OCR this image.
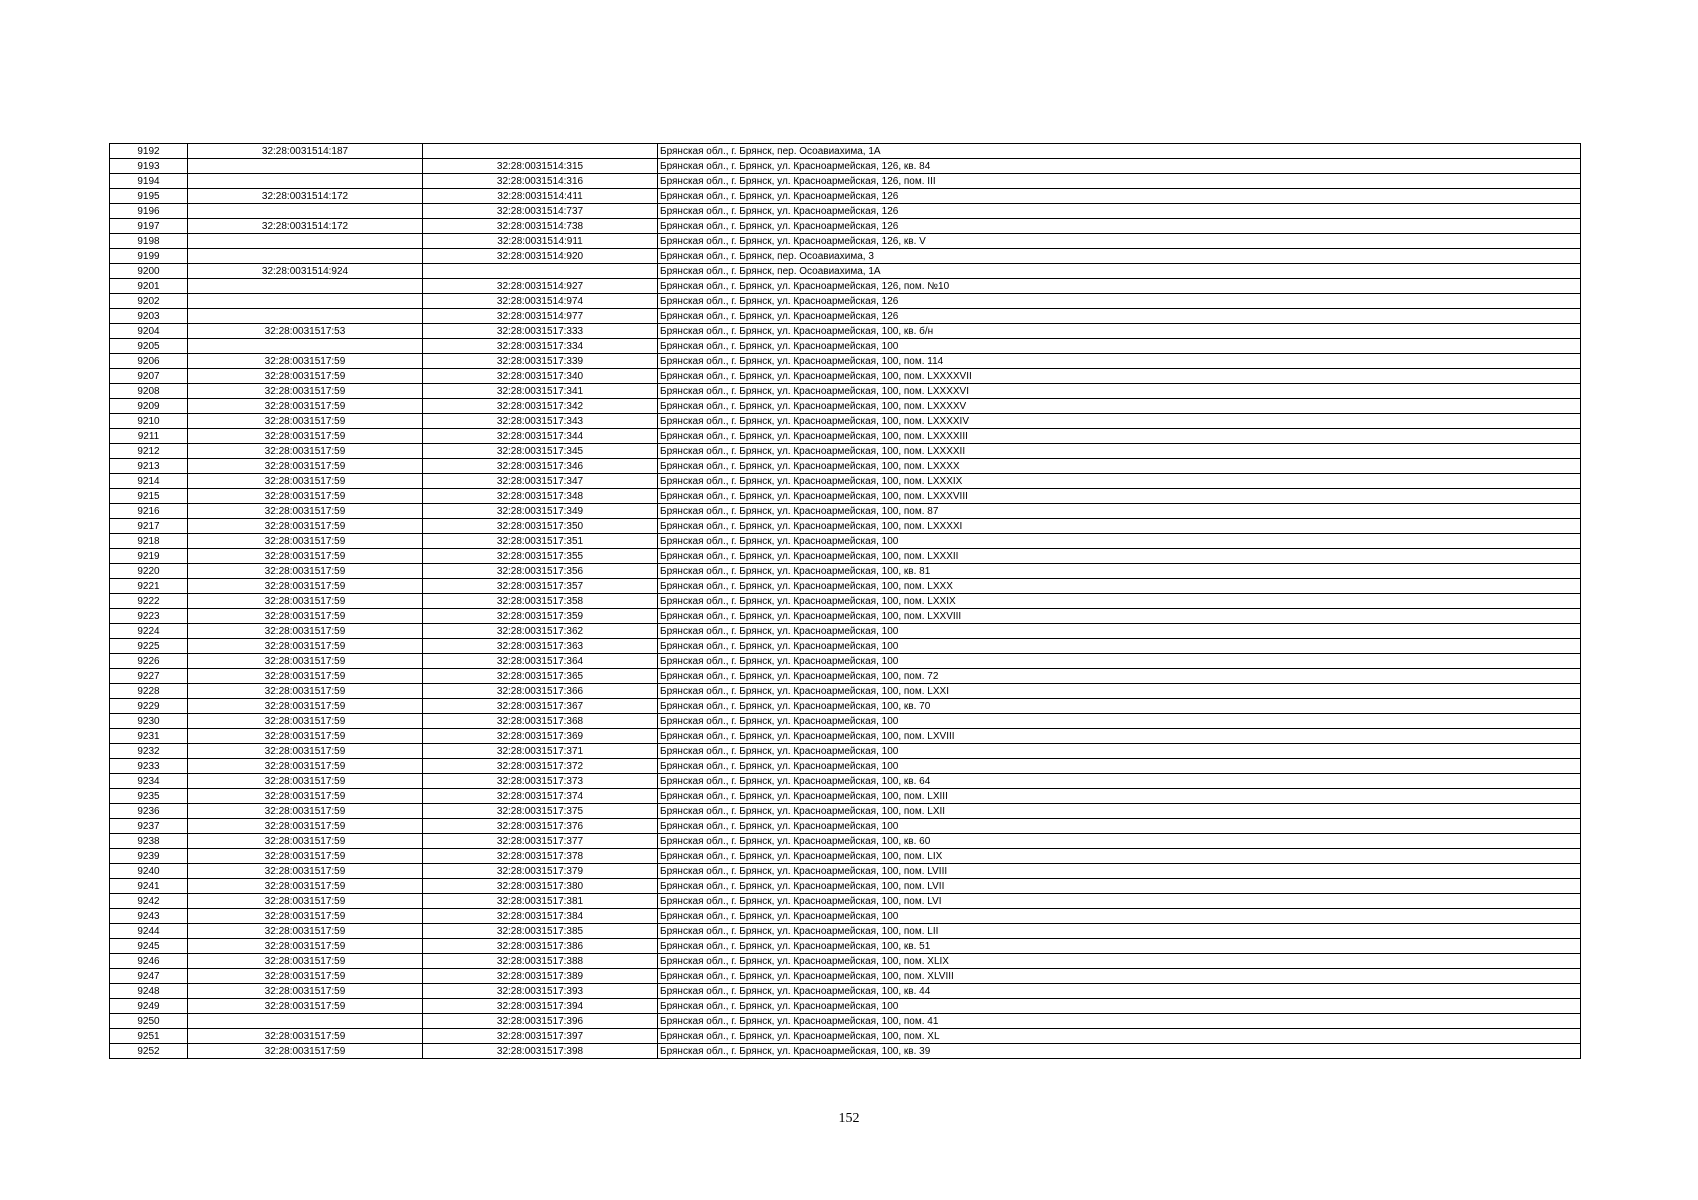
9192	32:28:0031514:187		Брянская обл., г. Брянск, пер. Осоавиахима, 1А
9193		32:28:0031514:315	Брянская обл., г. Брянск, ул. Красноармейская, 126, кв. 84
9194		32:28:0031514:316	Брянская обл., г. Брянск, ул. Красноармейская, 126, пом. III
9195	32:28:0031514:172	32:28:0031514:411	Брянская обл., г. Брянск, ул. Красноармейская, 126
9196		32:28:0031514:737	Брянская обл., г. Брянск, ул. Красноармейская, 126
9197	32:28:0031514:172	32:28:0031514:738	Брянская обл., г. Брянск, ул. Красноармейская, 126
9198		32:28:0031514:911	Брянская обл., г. Брянск, ул. Красноармейская, 126, кв. V
9199		32:28:0031514:920	Брянская обл., г. Брянск, пер. Осоавиахима, 3
9200	32:28:0031514:924		Брянская обл., г. Брянск, пер. Осоавиахима, 1А
9201		32:28:0031514:927	Брянская обл., г. Брянск, ул. Красноармейская, 126, пом. №10
9202		32:28:0031514:974	Брянская обл., г. Брянск, ул. Красноармейская, 126
9203		32:28:0031514:977	Брянская обл., г. Брянск, ул. Красноармейская, 126
9204	32:28:0031517:53	32:28:0031517:333	Брянская обл., г. Брянск, ул. Красноармейская, 100, кв. б/н
9205		32:28:0031517:334	Брянская обл., г. Брянск, ул. Красноармейская, 100
9206	32:28:0031517:59	32:28:0031517:339	Брянская обл., г. Брянск, ул. Красноармейская, 100, пом. 114
9207	32:28:0031517:59	32:28:0031517:340	Брянская обл., г. Брянск, ул. Красноармейская, 100, пом. LXXXXVII
9208	32:28:0031517:59	32:28:0031517:341	Брянская обл., г. Брянск, ул. Красноармейская, 100, пом. LXXXXVI
9209	32:28:0031517:59	32:28:0031517:342	Брянская обл., г. Брянск, ул. Красноармейская, 100, пом. LXXXXV
9210	32:28:0031517:59	32:28:0031517:343	Брянская обл., г. Брянск, ул. Красноармейская, 100, пом. LXXXXIV
9211	32:28:0031517:59	32:28:0031517:344	Брянская обл., г. Брянск, ул. Красноармейская, 100, пом. LXXXXIII
9212	32:28:0031517:59	32:28:0031517:345	Брянская обл., г. Брянск, ул. Красноармейская, 100, пом. LXXXXII
9213	32:28:0031517:59	32:28:0031517:346	Брянская обл., г. Брянск, ул. Красноармейская, 100, пом. LXXXX
9214	32:28:0031517:59	32:28:0031517:347	Брянская обл., г. Брянск, ул. Красноармейская, 100, пом. LXXXIX
9215	32:28:0031517:59	32:28:0031517:348	Брянская обл., г. Брянск, ул. Красноармейская, 100, пом. LXXXVIII
9216	32:28:0031517:59	32:28:0031517:349	Брянская обл., г. Брянск, ул. Красноармейская, 100, пом. 87
9217	32:28:0031517:59	32:28:0031517:350	Брянская обл., г. Брянск, ул. Красноармейская, 100, пом. LXXXXI
9218	32:28:0031517:59	32:28:0031517:351	Брянская обл., г. Брянск, ул. Красноармейская, 100
9219	32:28:0031517:59	32:28:0031517:355	Брянская обл., г. Брянск, ул. Красноармейская, 100, пом. LXXXII
9220	32:28:0031517:59	32:28:0031517:356	Брянская обл., г. Брянск, ул. Красноармейская, 100, кв. 81
9221	32:28:0031517:59	32:28:0031517:357	Брянская обл., г. Брянск, ул. Красноармейская, 100, пом. LXXX
9222	32:28:0031517:59	32:28:0031517:358	Брянская обл., г. Брянск, ул. Красноармейская, 100, пом. LXXIX
9223	32:28:0031517:59	32:28:0031517:359	Брянская обл., г. Брянск, ул. Красноармейская, 100, пом. LXXVIII
9224	32:28:0031517:59	32:28:0031517:362	Брянская обл., г. Брянск, ул. Красноармейская, 100
9225	32:28:0031517:59	32:28:0031517:363	Брянская обл., г. Брянск, ул. Красноармейская, 100
9226	32:28:0031517:59	32:28:0031517:364	Брянская обл., г. Брянск, ул. Красноармейская, 100
9227	32:28:0031517:59	32:28:0031517:365	Брянская обл., г. Брянск, ул. Красноармейская, 100, пом. 72
9228	32:28:0031517:59	32:28:0031517:366	Брянская обл., г. Брянск, ул. Красноармейская, 100, пом. LXXI
9229	32:28:0031517:59	32:28:0031517:367	Брянская обл., г. Брянск, ул. Красноармейская, 100, кв. 70
9230	32:28:0031517:59	32:28:0031517:368	Брянская обл., г. Брянск, ул. Красноармейская, 100
9231	32:28:0031517:59	32:28:0031517:369	Брянская обл., г. Брянск, ул. Красноармейская, 100, пом. LXVIII
9232	32:28:0031517:59	32:28:0031517:371	Брянская обл., г. Брянск, ул. Красноармейская, 100
9233	32:28:0031517:59	32:28:0031517:372	Брянская обл., г. Брянск, ул. Красноармейская, 100
9234	32:28:0031517:59	32:28:0031517:373	Брянская обл., г. Брянск, ул. Красноармейская, 100, кв. 64
9235	32:28:0031517:59	32:28:0031517:374	Брянская обл., г. Брянск, ул. Красноармейская, 100, пом. LXIII
9236	32:28:0031517:59	32:28:0031517:375	Брянская обл., г. Брянск, ул. Красноармейская, 100, пом. LXII
9237	32:28:0031517:59	32:28:0031517:376	Брянская обл., г. Брянск, ул. Красноармейская, 100
9238	32:28:0031517:59	32:28:0031517:377	Брянская обл., г. Брянск, ул. Красноармейская, 100, кв. 60
9239	32:28:0031517:59	32:28:0031517:378	Брянская обл., г. Брянск, ул. Красноармейская, 100, пом. LIX
9240	32:28:0031517:59	32:28:0031517:379	Брянская обл., г. Брянск, ул. Красноармейская, 100, пом. LVIII
9241	32:28:0031517:59	32:28:0031517:380	Брянская обл., г. Брянск, ул. Красноармейская, 100, пом. LVII
9242	32:28:0031517:59	32:28:0031517:381	Брянская обл., г. Брянск, ул. Красноармейская, 100, пом. LVI
9243	32:28:0031517:59	32:28:0031517:384	Брянская обл., г. Брянск, ул. Красноармейская, 100
9244	32:28:0031517:59	32:28:0031517:385	Брянская обл., г. Брянск, ул. Красноармейская, 100, пом. LII
9245	32:28:0031517:59	32:28:0031517:386	Брянская обл., г. Брянск, ул. Красноармейская, 100, кв. 51
9246	32:28:0031517:59	32:28:0031517:388	Брянская обл., г. Брянск, ул. Красноармейская, 100, пом. XLIX
9247	32:28:0031517:59	32:28:0031517:389	Брянская обл., г. Брянск, ул. Красноармейская, 100, пом. XLVIII
9248	32:28:0031517:59	32:28:0031517:393	Брянская обл., г. Брянск, ул. Красноармейская, 100, кв. 44
9249	32:28:0031517:59	32:28:0031517:394	Брянская обл., г. Брянск, ул. Красноармейская, 100
9250		32:28:0031517:396	Брянская обл., г. Брянск, ул. Красноармейская, 100, пом. 41
9251	32:28:0031517:59	32:28:0031517:397	Брянская обл., г. Брянск, ул. Красноармейская, 100, пом. XL
9252	32:28:0031517:59	32:28:0031517:398	Брянская обл., г. Брянск, ул. Красноармейская, 100, кв. 39
152
